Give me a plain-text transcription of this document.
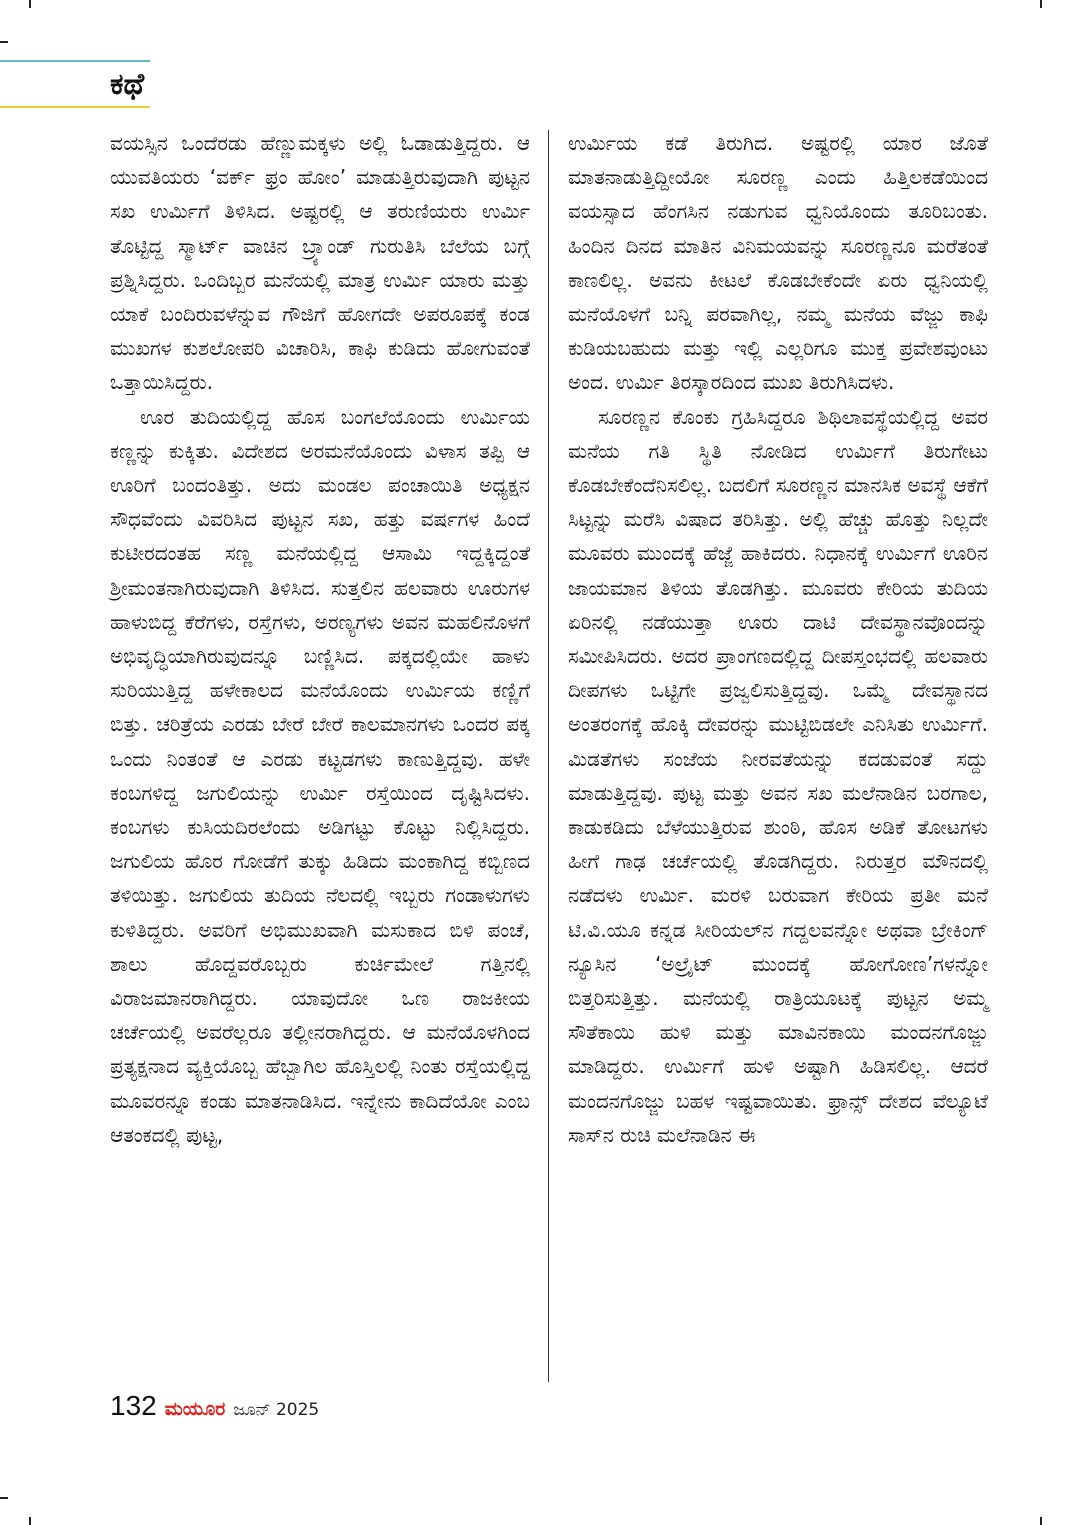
ಕಥೆ

ವಯಸ್ಸಿನ ಒಂದೆರಡು ಹೆಣ್ಣುಮಕ್ಕಳು ಅಲ್ಲಿ ಓಡಾಡುತ್ತಿದ್ದರು. ಆ ಯುವತಿಯರು ‘ವರ್ಕ್ ಫ್ರಂ ಹೋಂ’ ಮಾಡುತ್ತಿರುವುದಾಗಿ ಪುಟ್ಟನ ಸಖ ಉರ್ಮಿಗೆ ತಿಳಿಸಿದ. ಅಷ್ಟರಲ್ಲಿ ಆ ತರುಣಿಯರು ಉರ್ಮಿ ತೊಟ್ಟಿದ್ದ ಸ್ಮಾರ್ಟ್ ವಾಚಿನ ಬ್ರ್ಯಾಂಡ್ ಗುರುತಿಸಿ ಬೆಲೆಯ ಬಗ್ಗೆ ಪ್ರಶ್ನಿಸಿದ್ದರು. ಒಂದಿಬ್ಬರ ಮನೆಯಲ್ಲಿ ಮಾತ್ರ ಉರ್ಮಿ ಯಾರು ಮತ್ತು ಯಾಕೆ ಬಂದಿರುವಳೆನ್ನುವ ಗೌಜಿಗೆ ಹೋಗದೇ ಅಪರೂಪಕ್ಕೆ ಕಂಡ ಮುಖಗಳ ಕುಶಲೋಪರಿ ವಿಚಾರಿಸಿ, ಕಾಫಿ ಕುಡಿದು ಹೋಗುವಂತೆ ಒತ್ತಾಯಿಸಿದ್ದರು.

ಊರ ತುದಿಯಲ್ಲಿದ್ದ ಹೊಸ ಬಂಗಲೆಯೊಂದು ಉರ್ಮಿಯ ಕಣ್ಣನ್ನು ಕುಕ್ಕಿತು. ವಿದೇಶದ ಅರಮನೆಯೊಂದು ವಿಳಾಸ ತಪ್ಪಿ ಆ ಊರಿಗೆ ಬಂದಂತಿತ್ತು. ಅದು ಮಂಡಲ ಪಂಚಾಯಿತಿ ಅಧ್ಯಕ್ಷನ ಸೌಧವೆಂದು ವಿವರಿಸಿದ ಪುಟ್ಟನ ಸಖ, ಹತ್ತು ವರ್ಷಗಳ ಹಿಂದೆ ಕುಟೀರದಂತಹ ಸಣ್ಣ ಮನೆಯಲ್ಲಿದ್ದ ಆಸಾಮಿ ಇದ್ದಕ್ಕಿದ್ದಂತೆ ಶ್ರೀಮಂತನಾಗಿರುವುದಾಗಿ ತಿಳಿಸಿದ. ಸುತ್ತಲಿನ ಹಲವಾರು ಊರುಗಳ ಹಾಳುಬಿದ್ದ ಕೆರೆಗಳು, ರಸ್ತೆಗಳು, ಅರಣ್ಯಗಳು ಅವನ ಮಹಲಿನೊಳಗೆ ಅಭಿವೃದ್ಧಿಯಾಗಿರುವುದನ್ನೂ ಬಣ್ಣಿಸಿದ. ಪಕ್ಕದಲ್ಲಿಯೇ ಹಾಳು ಸುರಿಯುತ್ತಿದ್ದ ಹಳೇಕಾಲದ ಮನೆಯೊಂದು ಉರ್ಮಿಯ ಕಣ್ಣಿಗೆ ಬಿತ್ತು. ಚರಿತ್ರೆಯ ಎರಡು ಬೇರೆ ಬೇರೆ ಕಾಲಮಾನಗಳು ಒಂದರ ಪಕ್ಕ ಒಂದು ನಿಂತಂತೆ ಆ ಎರಡು ಕಟ್ಟಡಗಳು ಕಾಣುತ್ತಿದ್ದವು. ಹಳೇ ಕಂಬಗಳಿದ್ದ ಜಗುಲಿಯನ್ನು ಉರ್ಮಿ ರಸ್ತೆಯಿಂದ ದೃಷ್ಟಿಸಿದಳು. ಕಂಬಗಳು ಕುಸಿಯದಿರಲೆಂದು ಅಡಿಗಟ್ಟು ಕೊಟ್ಟು ನಿಲ್ಲಿಸಿದ್ದರು. ಜಗುಲಿಯ ಹೊರ ಗೋಡೆಗೆ ತುಕ್ಕು ಹಿಡಿದು ಮಂಕಾಗಿದ್ದ ಕಬ್ಬಿಣದ ತಳಿಯಿತ್ತು. ಜಗುಲಿಯ ತುದಿಯ ನೆಲದಲ್ಲಿ ಇಬ್ಬರು ಗಂಡಾಳುಗಳು ಕುಳಿತಿದ್ದರು. ಅವರಿಗೆ ಅಭಿಮುಖವಾಗಿ ಮಸುಕಾದ ಬಿಳಿ ಪಂಚೆ, ಶಾಲು ಹೊದ್ದವರೊಬ್ಬರು ಕುರ್ಚಿಮೇಲೆ ಗತ್ತಿನಲ್ಲಿ ವಿರಾಜಮಾನರಾಗಿದ್ದರು. ಯಾವುದೋ ಒಣ ರಾಜಕೀಯ ಚರ್ಚೆಯಲ್ಲಿ ಅವರೆಲ್ಲರೂ ತಲ್ಲೀನರಾಗಿದ್ದರು. ಆ ಮನೆಯೊಳಗಿಂದ ಪ್ರತ್ಯಕ್ಷನಾದ ವ್ಯಕ್ತಿಯೊಬ್ಬ ಹೆಬ್ಬಾಗಿಲ ಹೊಸ್ತಿಲಲ್ಲಿ ನಿಂತು ರಸ್ತೆಯಲ್ಲಿದ್ದ ಮೂವರನ್ನೂ ಕಂಡು ಮಾತನಾಡಿಸಿದ. ಇನ್ನೇನು ಕಾದಿದೆಯೋ ಎಂಬ ಆತಂಕದಲ್ಲಿ ಪುಟ್ಟ,

ಉರ್ಮಿಯ ಕಡೆ ತಿರುಗಿದ. ಅಷ್ಟರಲ್ಲಿ ಯಾರ ಜೊತೆ ಮಾತನಾಡುತ್ತಿದ್ದೀಯೋ ಸೂರಣ್ಣ ಎಂದು ಹಿತ್ತಿಲಕಡೆಯಿಂದ ವಯಸ್ಸಾದ ಹೆಂಗಸಿನ ನಡುಗುವ ಧ್ವನಿಯೊಂದು ತೂರಿಬಂತು. ಹಿಂದಿನ ದಿನದ ಮಾತಿನ ವಿನಿಮಯವನ್ನು ಸೂರಣ್ಣನೂ ಮರೆತಂತೆ ಕಾಣಲಿಲ್ಲ. ಅವನು ಕೀಟಲೆ ಕೊಡಬೇಕೆಂದೇ ಏರು ಧ್ವನಿಯಲ್ಲಿ ಮನೆಯೊಳಗೆ ಬನ್ನಿ ಪರವಾಗಿಲ್ಲ, ನಮ್ಮ ಮನೆಯ ವೆಜ್ಜು ಕಾಫಿ ಕುಡಿಯಬಹುದು ಮತ್ತು ಇಲ್ಲಿ ಎಲ್ಲರಿಗೂ ಮುಕ್ತ ಪ್ರವೇಶವುಂಟು ಅಂದ. ಉರ್ಮಿ ತಿರಸ್ಕಾರದಿಂದ ಮುಖ ತಿರುಗಿಸಿದಳು.

ಸೂರಣ್ಣನ ಕೊಂಕು ಗ್ರಹಿಸಿದ್ದರೂ ಶಿಥಿಲಾವಸ್ಥೆಯಲ್ಲಿದ್ದ ಅವರ ಮನೆಯ ಗತಿ ಸ್ಥಿತಿ ನೋಡಿದ ಉರ್ಮಿಗೆ ತಿರುಗೇಟು ಕೊಡಬೇಕೆಂದೆನಿಸಲಿಲ್ಲ. ಬದಲಿಗೆ ಸೂರಣ್ಣನ ಮಾನಸಿಕ ಅವಸ್ಥೆ ಆಕೆಗೆ ಸಿಟ್ಟನ್ನು ಮರೆಸಿ ವಿಷಾದ ತರಿಸಿತ್ತು. ಅಲ್ಲಿ ಹೆಚ್ಚು ಹೊತ್ತು ನಿಲ್ಲದೇ ಮೂವರು ಮುಂದಕ್ಕೆ ಹೆಜ್ಜೆ ಹಾಕಿದರು. ನಿಧಾನಕ್ಕೆ ಉರ್ಮಿಗೆ ಊರಿನ ಜಾಯಮಾನ ತಿಳಿಯ ತೊಡಗಿತ್ತು. ಮೂವರು ಕೇರಿಯ ತುದಿಯ ಏರಿನಲ್ಲಿ ನಡೆಯುತ್ತಾ ಊರು ದಾಟಿ ದೇವಸ್ಥಾನವೊಂದನ್ನು ಸಮೀಪಿಸಿದರು. ಅದರ ಪ್ರಾಂಗಣದಲ್ಲಿದ್ದ ದೀಪಸ್ತಂಭದಲ್ಲಿ ಹಲವಾರು ದೀಪಗಳು ಒಟ್ಟಿಗೇ ಪ್ರಜ್ವಲಿಸುತ್ತಿದ್ದವು. ಒಮ್ಮೆ ದೇವಸ್ಥಾನದ ಅಂತರಂಗಕ್ಕೆ ಹೊಕ್ಕಿ ದೇವರನ್ನು ಮುಟ್ಟಿಬಿಡಲೇ ಎನಿಸಿತು ಉರ್ಮಿಗೆ. ಮಿಡತೆಗಳು ಸಂಜೆಯ ನೀರವತೆಯನ್ನು ಕದಡುವಂತೆ ಸದ್ದು ಮಾಡುತ್ತಿದ್ದವು. ಪುಟ್ಟ ಮತ್ತು ಅವನ ಸಖ ಮಲೆನಾಡಿನ ಬರಗಾಲ, ಕಾಡುಕಡಿದು ಬೆಳೆಯುತ್ತಿರುವ ಶುಂಠಿ, ಹೊಸ ಅಡಿಕೆ ತೋಟಗಳು ಹೀಗೆ ಗಾಢ ಚರ್ಚೆಯಲ್ಲಿ ತೊಡಗಿದ್ದರು. ನಿರುತ್ತರ ಮೌನದಲ್ಲಿ ನಡೆದಳು ಉರ್ಮಿ. ಮರಳಿ ಬರುವಾಗ ಕೇರಿಯ ಪ್ರತೀ ಮನೆ ಟಿ.ವಿ.ಯೂ ಕನ್ನಡ ಸೀರಿಯಲ್‌ನ ಗದ್ದಲವನ್ನೋ ಅಥವಾ ಬ್ರೇಕಿಂಗ್ ನ್ಯೂಸಿನ ‘ಅಲ್ರೈಟ್ ಮುಂದಕ್ಕೆ ಹೋಗೋಣ’ಗಳನ್ನೋ ಬಿತ್ತರಿಸುತ್ತಿತ್ತು. ಮನೆಯಲ್ಲಿ ರಾತ್ರಿಯೂಟಕ್ಕೆ ಪುಟ್ಟನ ಅಮ್ಮ ಸೌತೆಕಾಯಿ ಹುಳಿ ಮತ್ತು ಮಾವಿನಕಾಯಿ ಮಂದನಗೊಜ್ಜು ಮಾಡಿದ್ದರು. ಉರ್ಮಿಗೆ ಹುಳಿ ಅಷ್ಟಾಗಿ ಹಿಡಿಸಲಿಲ್ಲ. ಆದರೆ ಮಂದನಗೊಜ್ಜು ಬಹಳ ಇಷ್ಟವಾಯಿತು. ಫ್ರಾನ್ಸ್ ದೇಶದ ವೆಲ್ಯೂಟೆ ಸಾಸ್‌ನ ರುಚಿ ಮಲೆನಾಡಿನ ಈ

132 ಮಯೂರ ಜೂನ್ 2025
